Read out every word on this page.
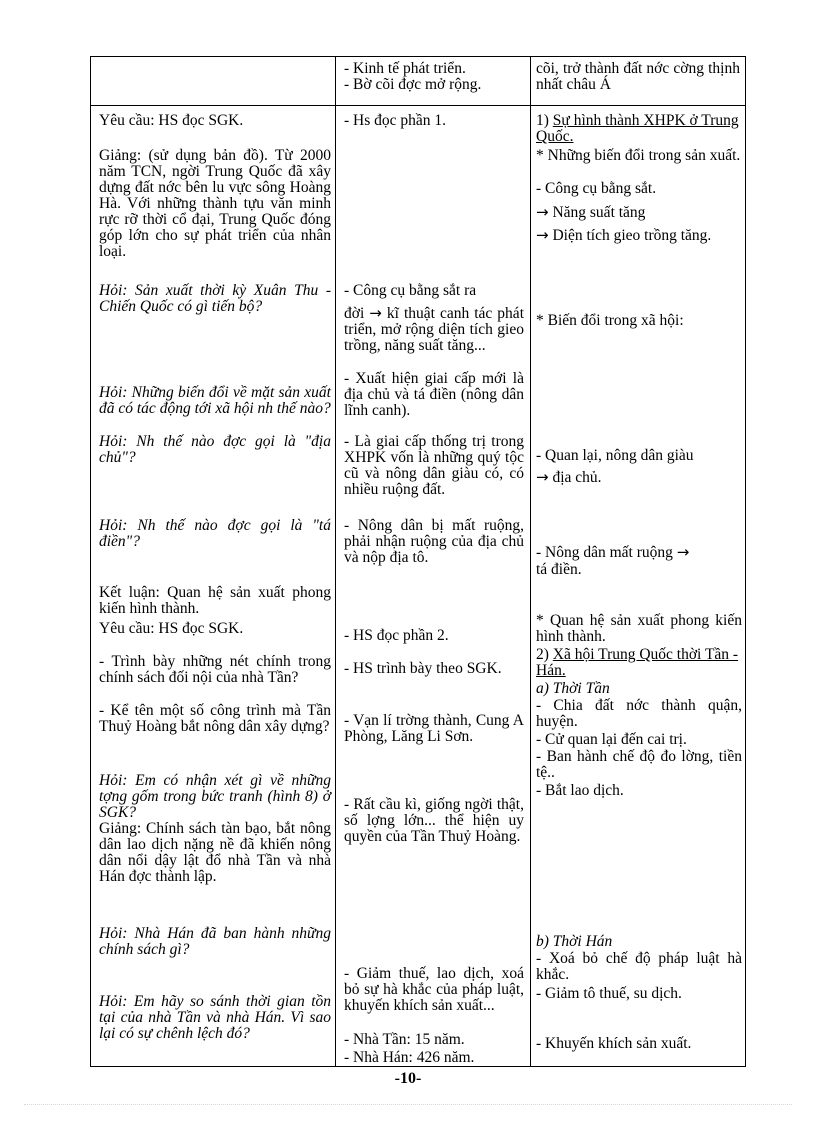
- Kinh tế phát triển.
- Bờ cõi đợc mở rộng.
cõi, trở thành đất nớc cờng thịnh nhất châu Á
Yêu cầu: HS đọc SGK.
Giảng: (sử dụng bản đồ). Từ 2000 năm TCN, ngời Trung Quốc đã xây dựng đất nớc bên lu vực sông Hoàng Hà. Với những thành tựu văn minh rực rỡ thời cổ đại, Trung Quốc đóng góp lớn cho sự phát triển của nhân loại.
Hỏi: Sản xuất thời kỳ Xuân Thu - Chiến Quốc có gì tiến bộ?
Hỏi: Những biến đổi về mặt sản xuất đã có tác động tới xã hội nh thế nào?
Hỏi: Nh thế nào đợc gọi là "địa chủ"?
Hỏi: Nh thế nào đợc gọi là "tá điền"?
Kết luận: Quan hệ sản xuất phong kiến hình thành.
Yêu cầu: HS đọc SGK.
- Trình bày những nét chính trong chính sách đối nội của nhà Tần?
- Kể tên một số công trình mà Tần Thuỷ Hoàng bắt nông dân xây dựng?
Hỏi: Em có nhận xét gì về những tợng gốm trong bức tranh (hình 8) ở SGK?
Giảng: Chính sách tàn bạo, bắt nông dân lao dịch nặng nề đã khiến nông dân nổi dậy lật đổ nhà Tần và nhà Hán đợc thành lập.
Hỏi: Nhà Hán đã ban hành những chính sách gì?
Hỏi: Em hãy so sánh thời gian tồn tại của nhà Tần và nhà Hán. Vì sao lại có sự chênh lệch đó?
- Hs đọc phần 1.
- Công cụ bằng sắt ra
đời → kĩ thuật canh tác phát triển, mở rộng diện tích gieo trồng, năng suất tăng...
- Xuất hiện giai cấp mới là địa chủ và tá điền (nông dân lĩnh canh).
- Là giai cấp thống trị trong XHPK vốn là những quý tộc cũ và nông dân giàu có, có nhiều ruộng đất.
- Nông dân bị mất ruộng, phải nhận ruộng của địa chủ và nộp địa tô.
- HS đọc phần 2.
- HS trình bày theo SGK.
- Vạn lí trờng thành, Cung A Phòng, Lăng Li Sơn.
- Rất cầu kì, giống ngời thật, số lợng lớn... thể hiện uy quyền của Tần Thuỷ Hoàng.
- Giảm thuế, lao dịch, xoá bỏ sự hà khắc của pháp luật, khuyến khích sản xuất...
- Nhà Tần: 15 năm.
- Nhà Hán: 426 năm.
1) Sự hình thành XHPK ở Trung Quốc.
* Những biến đổi trong sản xuất.
- Công cụ bằng sắt.
→ Năng suất tăng
→ Diện tích gieo trồng tăng.
* Biến đổi trong xã hội:
- Quan lại, nông dân giàu
→ địa chủ.
- Nông dân mất ruộng →
tá điền.
* Quan hệ sản xuất phong kiến hình thành.
2) Xã hội Trung Quốc thời Tần - Hán.
a) Thời Tần
- Chia đất nớc thành quận, huyện.
- Cử quan lại đến cai trị.
- Ban hành chế độ đo lờng, tiền tệ..
- Bắt lao dịch.
b) Thời Hán
- Xoá bỏ chế độ pháp luật hà khắc.
- Giảm tô thuế, su dịch.
- Khuyến khích sản xuất.
-10-
